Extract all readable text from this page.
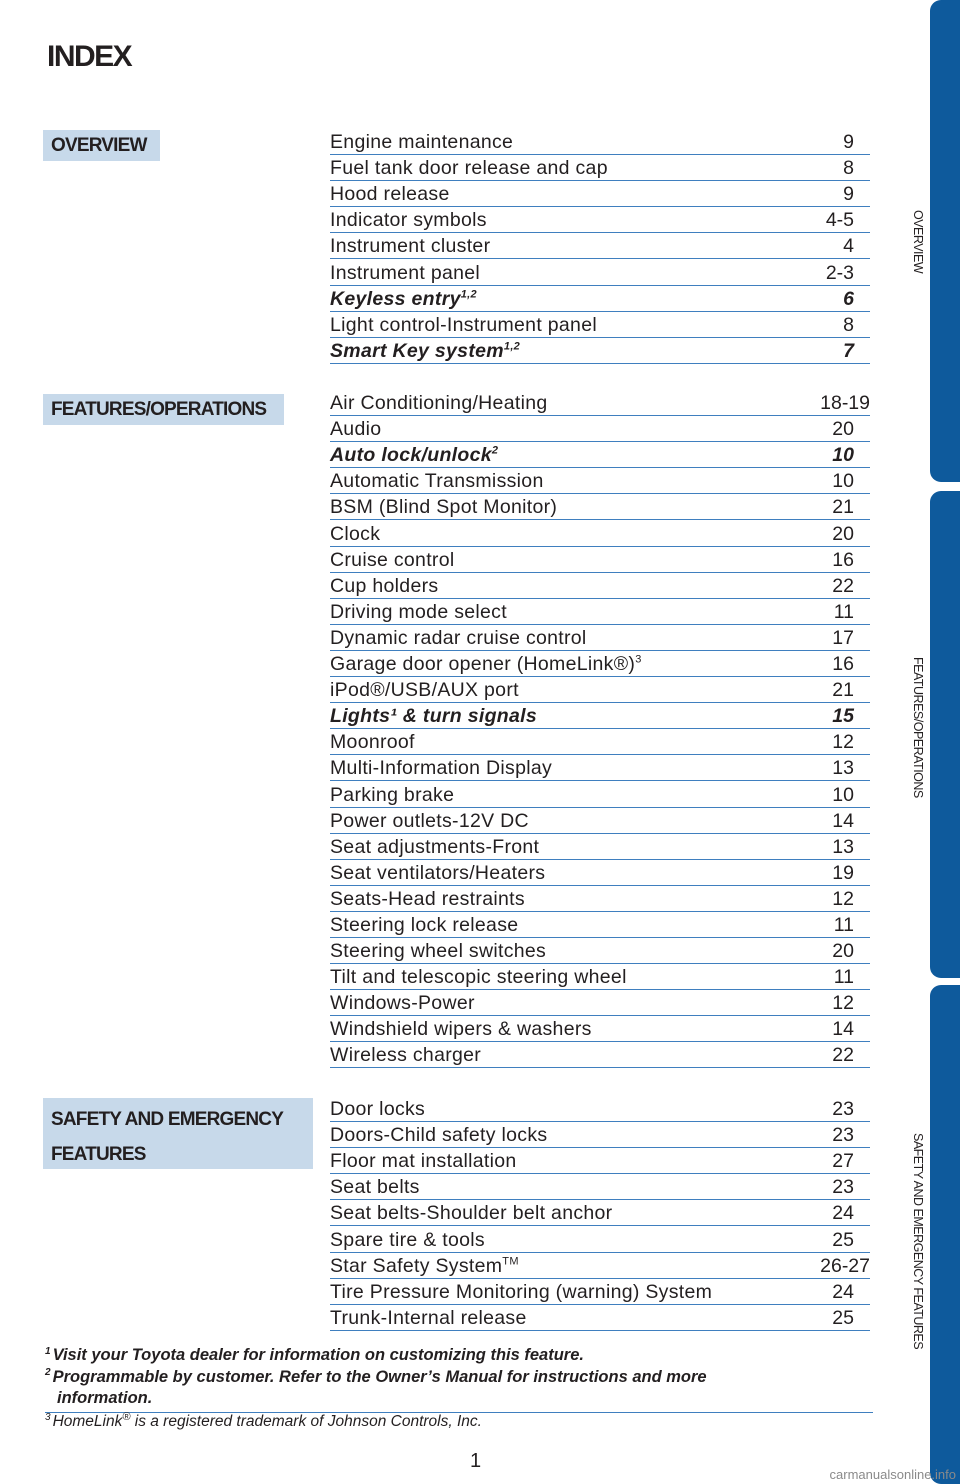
INDEX
OVERVIEW	Engine maintenance	9
Fuel tank door release and cap	8
Hood release	9
Indicator symbols	4-5
Instrument cluster	4
Instrument panel	2-3
Keyless entry$^{1,2}$	6
Light control-Instrument panel	8
Smart Key system$^{1,2}$	7
FEATURES/OPERATIONS	Air Conditioning/Heating	18-19
Audio	20
Auto lock/unlock$^2$	10
Automatic Transmission	10
BSM (Blind Spot Monitor)	21
Clock	20
Cruise control	16
Cup holders	22
Driving mode select	11
Dynamic radar cruise control	17
Garage door opener (HomeLink®)$^3$	16
iPod®/USB/AUX port	21
Lights¹ & turn signals	15
Moonroof	12
Multi-Information Display	13
Parking brake	10
Power outlets-12V DC	14
Seat adjustments-Front	13
Seat ventilators/Heaters	19
Seats-Head restraints	12
Steering lock release	11
Steering wheel switches	20
Tilt and telescopic steering wheel	11
Windows-Power	12
Windshield wipers & washers	14
Wireless charger	22
SAFETY AND EMERGENCY
FEATURES
Door locks	23
Doors-Child safety locks	23
Floor mat installation	27
Seat belts	23
Seat belts-Shoulder belt anchor	24
Spare tire & tools	25
Star Safety System™	26-27
Tire Pressure Monitoring (warning) System	24
Trunk-Internal release	25

$^1$ Visit your Toyota dealer for information on customizing this feature.

$^2$ Programmable by customer. Refer to the Owner’s Manual for instructions and more

information.

$^3$ HomeLink® is a registered trademark of Johnson Controls, Inc.
1
OVERVIEW
FEATURES/OPERATIONS
SAFETY AND EMERGENCY FEATURES
carmanualsonline.info
